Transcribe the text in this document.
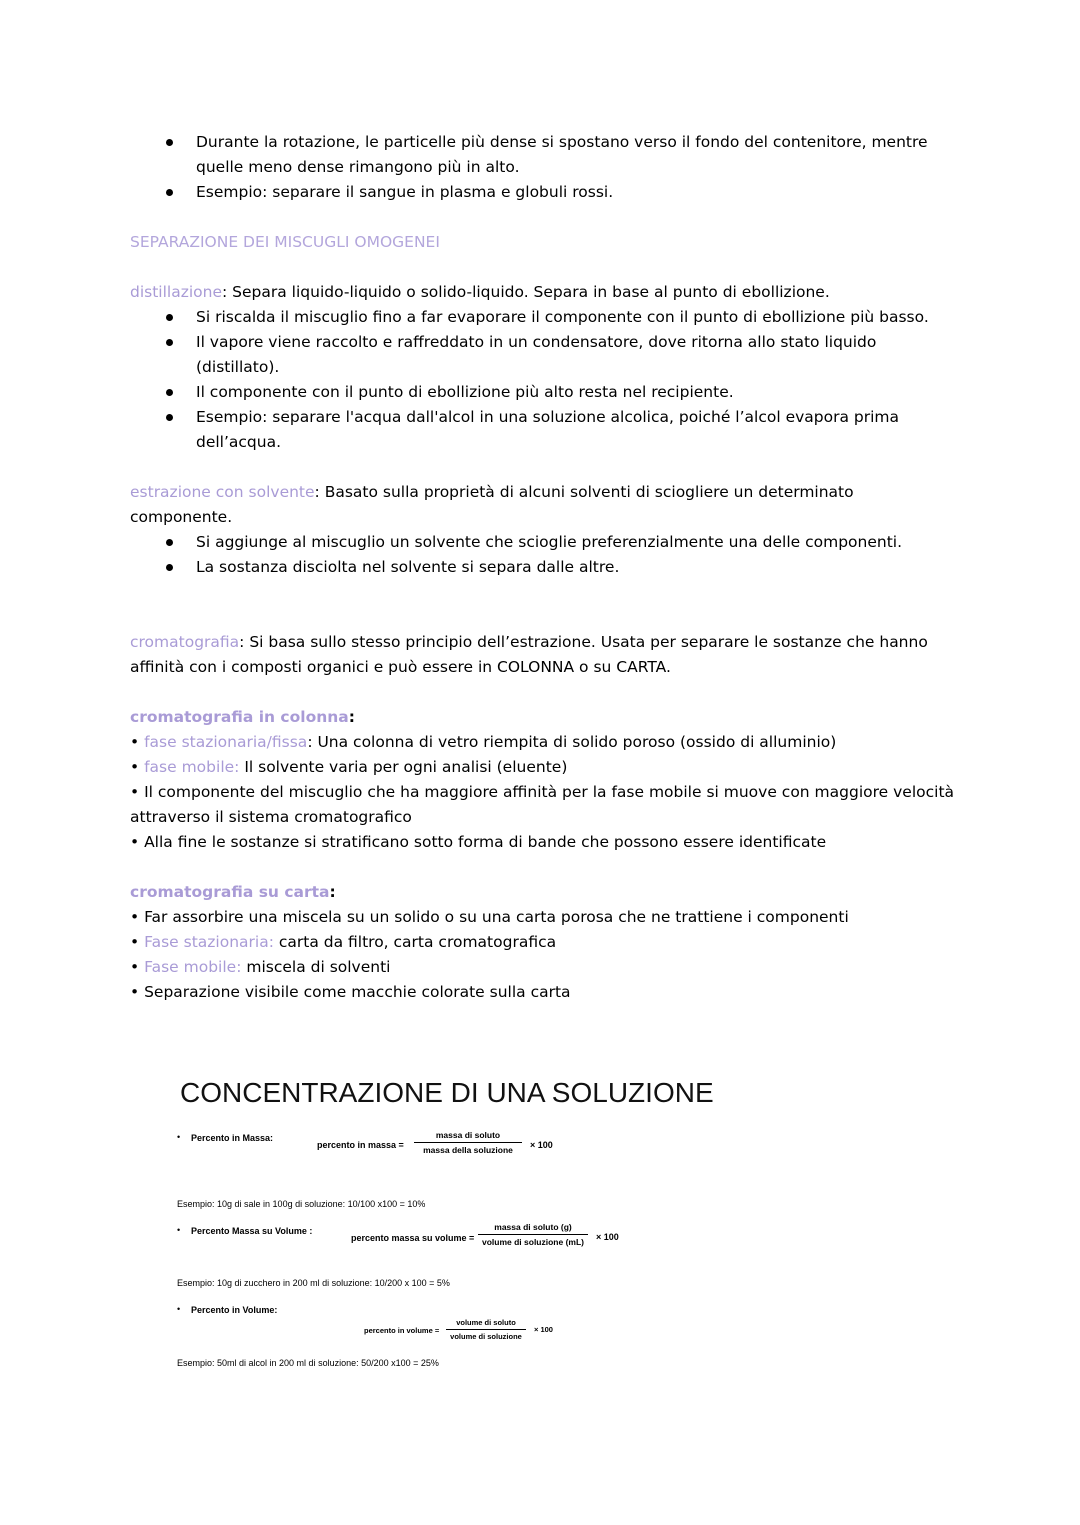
Durante la rotazione, le particelle più dense si spostano verso il fondo del contenitore, mentre
quelle meno dense rimangono più in alto.
Esempio: separare il sangue in plasma e globuli rossi.
SEPARAZIONE DEI MISCUGLI OMOGENEI
distillazione: Separa liquido-liquido o solido-liquido. Separa in base al punto di ebollizione.
Si riscalda il miscuglio fino a far evaporare il componente con il punto di ebollizione più basso.
Il vapore viene raccolto e raffreddato in un condensatore, dove ritorna allo stato liquido
(distillato).
Il componente con il punto di ebollizione più alto resta nel recipiente.
Esempio: separare l'acqua dall'alcol in una soluzione alcolica, poiché l’alcol evapora prima
dell’acqua.
estrazione con solvente: Basato sulla proprietà di alcuni solventi di sciogliere un determinato
componente.
Si aggiunge al miscuglio un solvente che scioglie preferenzialmente una delle componenti.
La sostanza disciolta nel solvente si separa dalle altre.
cromatografia: Si basa sullo stesso principio dell’estrazione. Usata per separare le sostanze che hanno
affinità con i composti organici e può essere in COLONNA o su CARTA.
cromatografia in colonna:
• fase stazionaria/fissa: Una colonna di vetro riempita di solido poroso (ossido di alluminio)
• fase mobile: Il solvente varia per ogni analisi (eluente)
• Il componente del miscuglio che ha maggiore affinità per la fase mobile si muove con maggiore velocità
attraverso il sistema cromatografico
• Alla fine le sostanze si stratificano sotto forma di bande che possono essere identificate
cromatografia su carta:
• Far assorbire una miscela su un solido o su una carta porosa che ne trattiene i componenti
• Fase stazionaria: carta da filtro, carta cromatografica
• Fase mobile: miscela di solventi
• Separazione visibile come macchie colorate sulla carta
CONCENTRAZIONE DI UNA SOLUZIONE
• Percento in Massa:
percento in massa =
massa di soluto
massa della soluzione	× 100
Esempio: 10g di sale in 100g di soluzione: 10/100 x100 = 10%
• Percento Massa su Volume :
percento massa su volume =
massa di soluto (g)
volume di soluzione (mL)	× 100
Esempio: 10g di zucchero in 200 ml di soluzione: 10/200 x 100 = 5%
• Percento in Volume:
percento in volume =
volume di soluto
volume di soluzione
× 100
Esempio: 50ml di alcol in 200 ml di soluzione: 50/200 x100 = 25%
